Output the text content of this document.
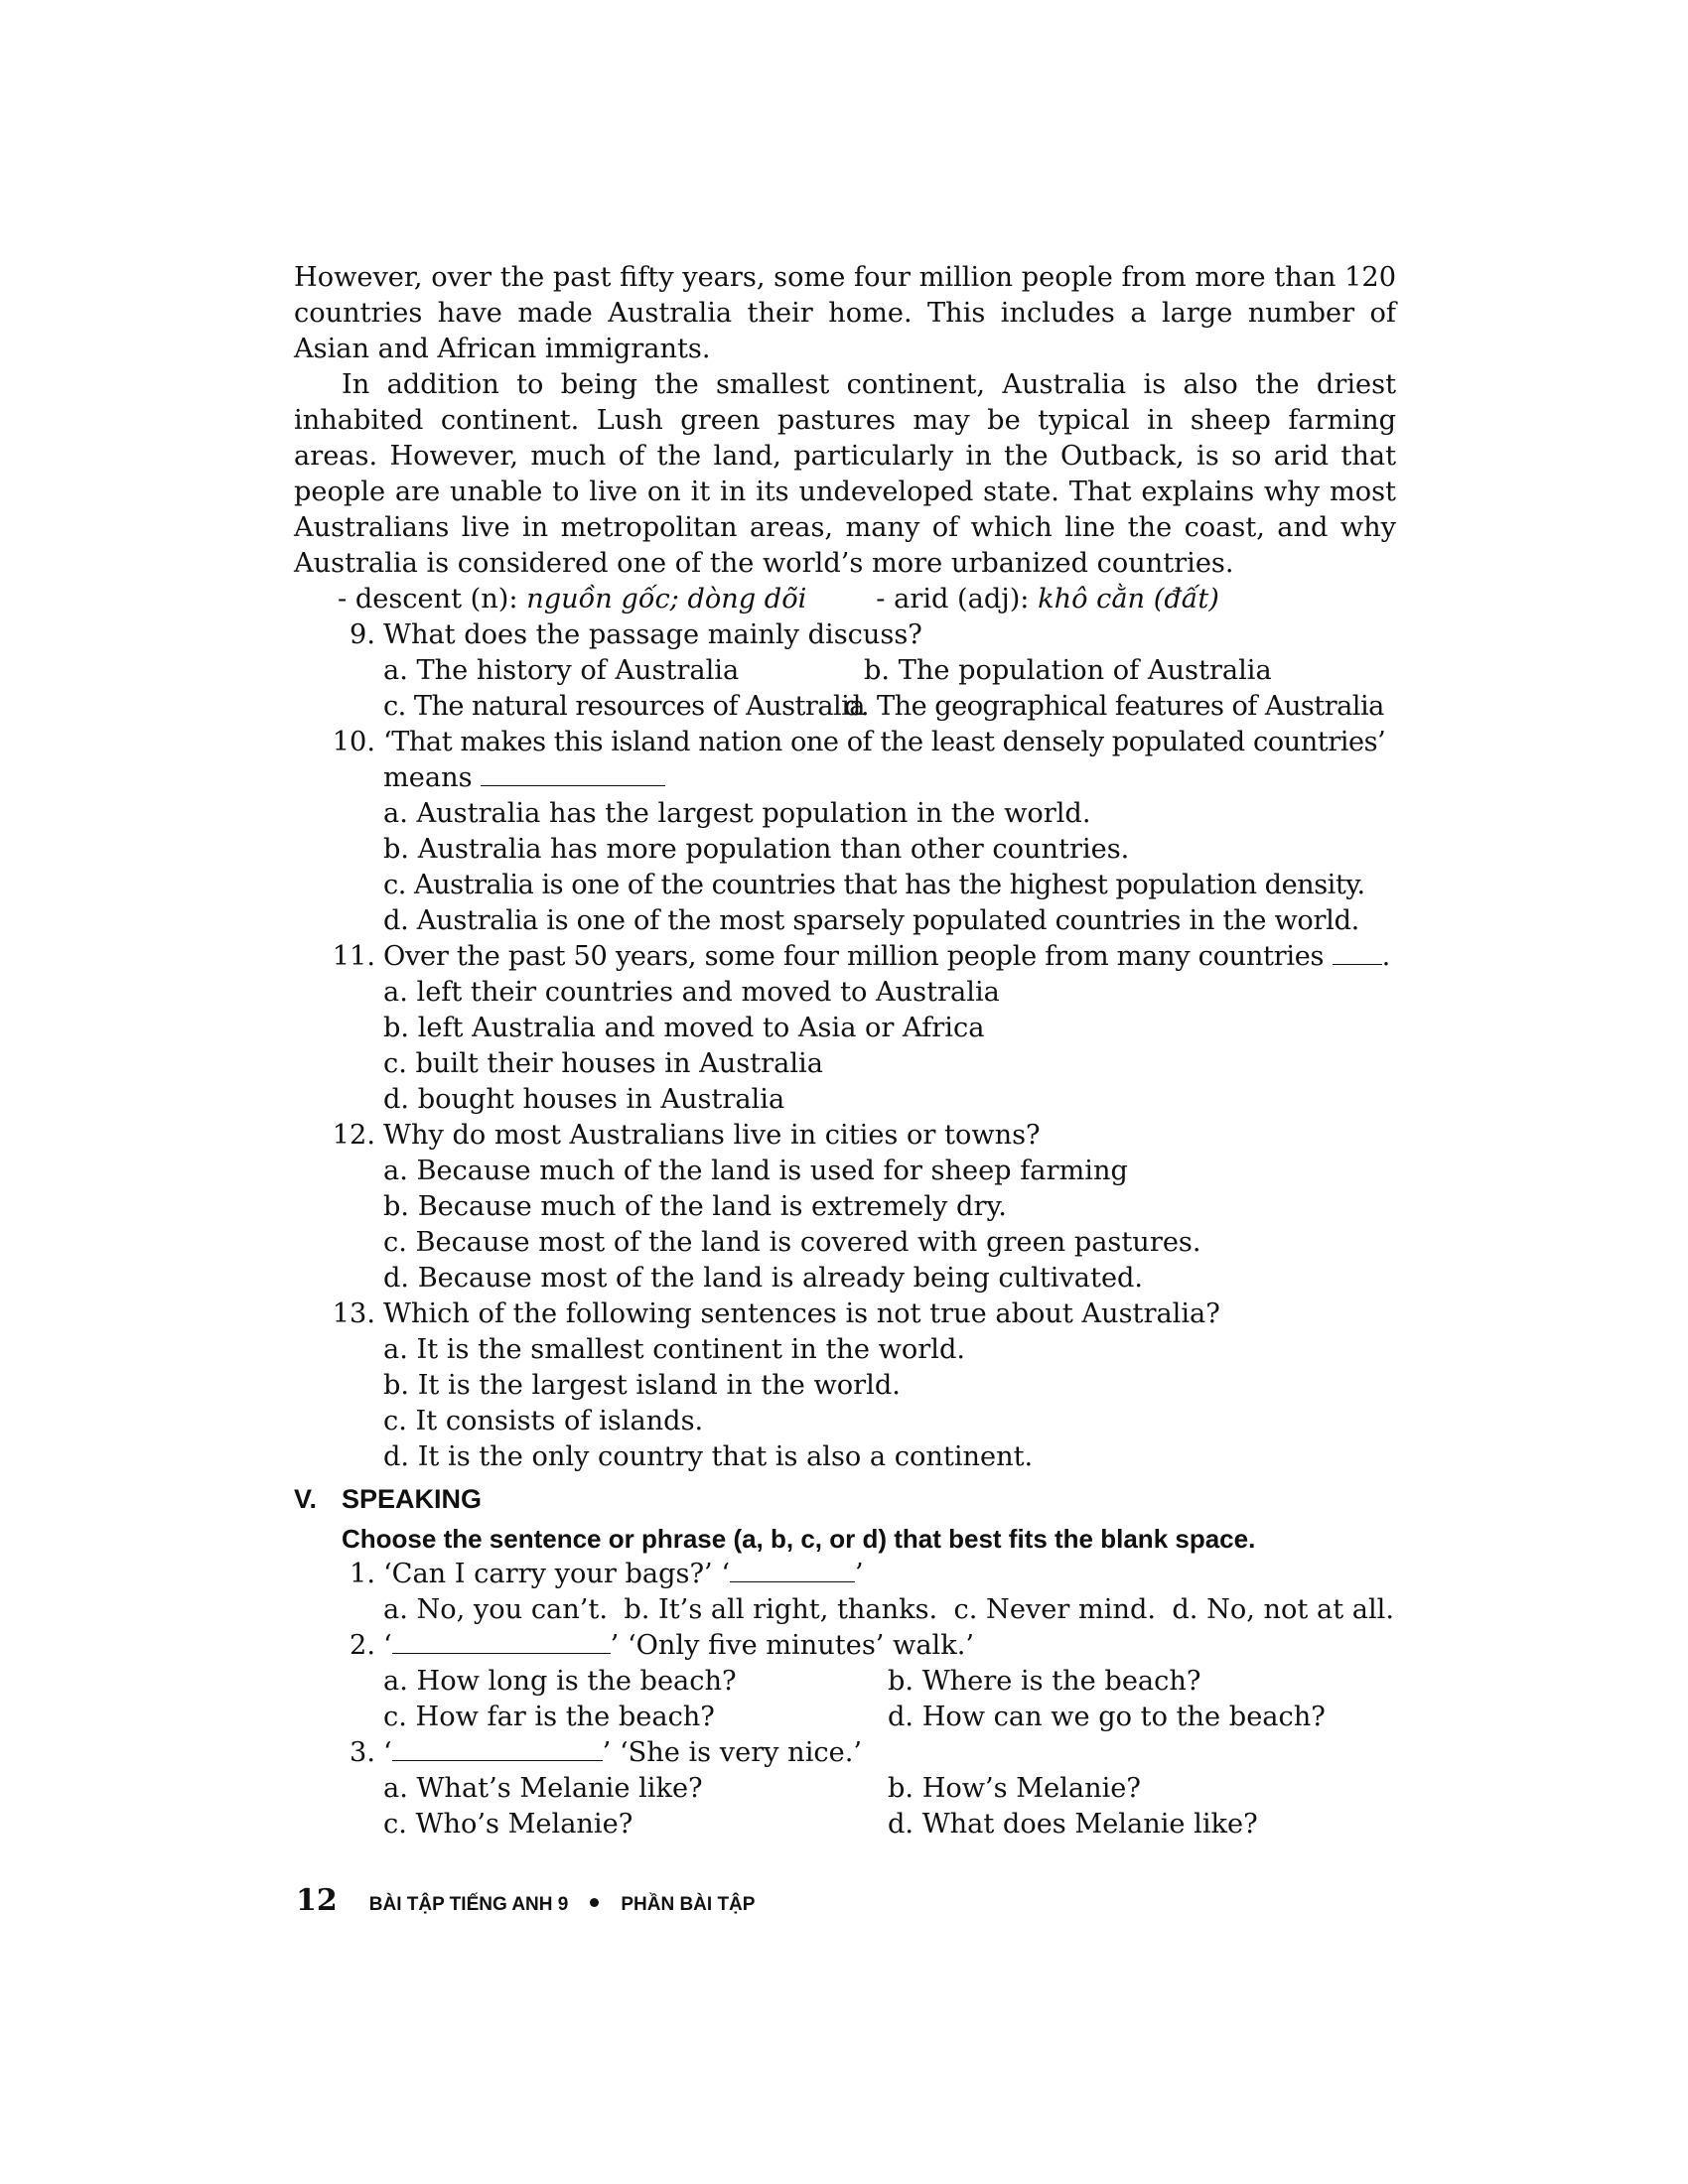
However, over the past fifty years, some four million people from more than 120 countries have made Australia their home. This includes a large number of Asian and African immigrants.

In addition to being the smallest continent, Australia is also the driest inhabited continent. Lush green pastures may be typical in sheep farming areas. However, much of the land, particularly in the Outback, is so arid that people are unable to live on it in its undeveloped state. That explains why most Australians live in metropolitan areas, many of which line the coast, and why Australia is considered one of the world’s more urbanized countries.

- descent (n): nguồn gốc; dòng dõi	- arid (adj): khô cằn (đất)
9. What does the passage mainly discuss?
a. The history of Australia	b. The population of Australia
c. The natural resources of Australia
d. The geographical features of Australia
10. ‘That makes this island nation one of the least densely populated countries’
means
a. Australia has the largest population in the world.
b. Australia has more population than other countries.
c. Australia is one of the countries that has the highest population density.
d. Australia is one of the most sparsely populated countries in the world.
11. Over the past 50 years, some four million people from many countries .
a. left their countries and moved to Australia
b. left Australia and moved to Asia or Africa
c. built their houses in Australia
d. bought houses in Australia
12. Why do most Australians live in cities or towns?
a. Because much of the land is used for sheep farming
b. Because much of the land is extremely dry.
c. Because most of the land is covered with green pastures.
d. Because most of the land is already being cultivated.
13. Which of the following sentences is not true about Australia?
a. It is the smallest continent in the world.
b. It is the largest island in the world.
c. It consists of islands.
d. It is the only country that is also a continent.
V. SPEAKING
Choose the sentence or phrase (a, b, c, or d) that best fits the blank space.
1. ‘Can I carry your bags?’ ‘	’
a. No, you can’t. b. It’s all right, thanks. c. Never mind. d. No, not at all.
2. ‘	’ ‘Only five minutes’ walk.’
a. How long is the beach?	b. Where is the beach?
c. How far is the beach?	d. How can we go to the beach?
3. ‘	’ ‘She is very nice.’
a. What’s Melanie like?	b. How’s Melanie?
c. Who’s Melanie?	d. What does Melanie like?
12 BÀI TẬP TIẾNG ANH 9	PHẦN BÀI TẬP
